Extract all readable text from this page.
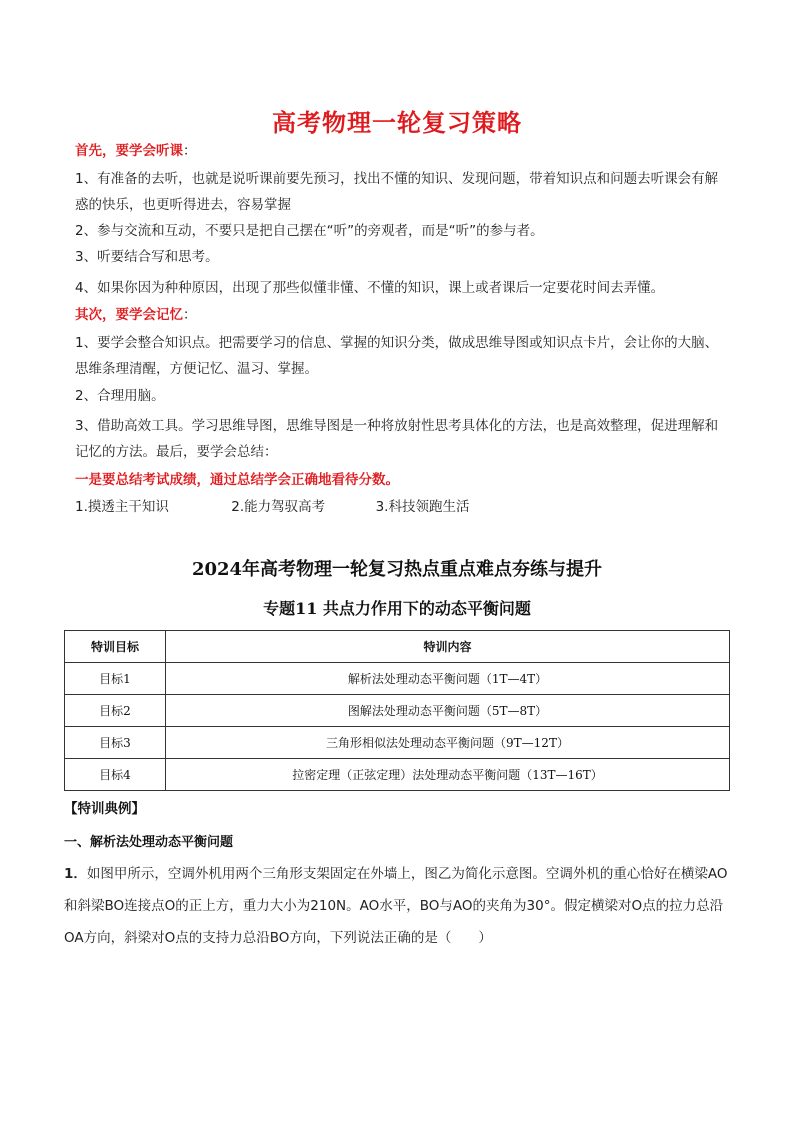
高考物理一轮复习策略
首先，要学会听课：
1、有准备的去听，也就是说听课前要先预习，找出不懂的知识、发现问题，带着知识点和问题去听课会有解惑的快乐，也更听得进去，容易掌握
2、参与交流和互动，不要只是把自己摆在“听”的旁观者，而是“听”的参与者。
3、听要结合写和思考。
4、如果你因为种种原因，出现了那些似懂非懂、不懂的知识，课上或者课后一定要花时间去弄懂。
其次，要学会记忆：
1、要学会整合知识点。把需要学习的信息、掌握的知识分类，做成思维导图或知识点卡片，会让你的大脑、思维条理清醒，方便记忆、温习、掌握。
2、合理用脑。
3、借助高效工具。学习思维导图，思维导图是一种将放射性思考具体化的方法，也是高效整理，促进理解和记忆的方法。最后，要学会总结：
一是要总结考试成绩，通过总结学会正确地看待分数。
1.摸透主干知识	2.能力驾驭高考	3.科技领跑生活
2024年高考物理一轮复习热点重点难点夯练与提升
专题11 共点力作用下的动态平衡问题
特训目标	特训内容
目标1	解析法处理动态平衡问题（1T—4T）
目标2	图解法处理动态平衡问题（5T—8T）
目标3	三角形相似法处理动态平衡问题（9T—12T）
目标4	拉密定理（正弦定理）法处理动态平衡问题（13T—16T）
【特训典例】
一、解析法处理动态平衡问题
1．如图甲所示，空调外机用两个三角形支架固定在外墙上，图乙为简化示意图。空调外机的重心恰好在横梁AO和斜梁BO连接点O的正上方，重力大小为210N。AO水平，BO与AO的夹角为30°。假定横梁对O点的拉力总沿OA方向，斜梁对O点的支持力总沿BO方向，下列说法正确的是（　　）
